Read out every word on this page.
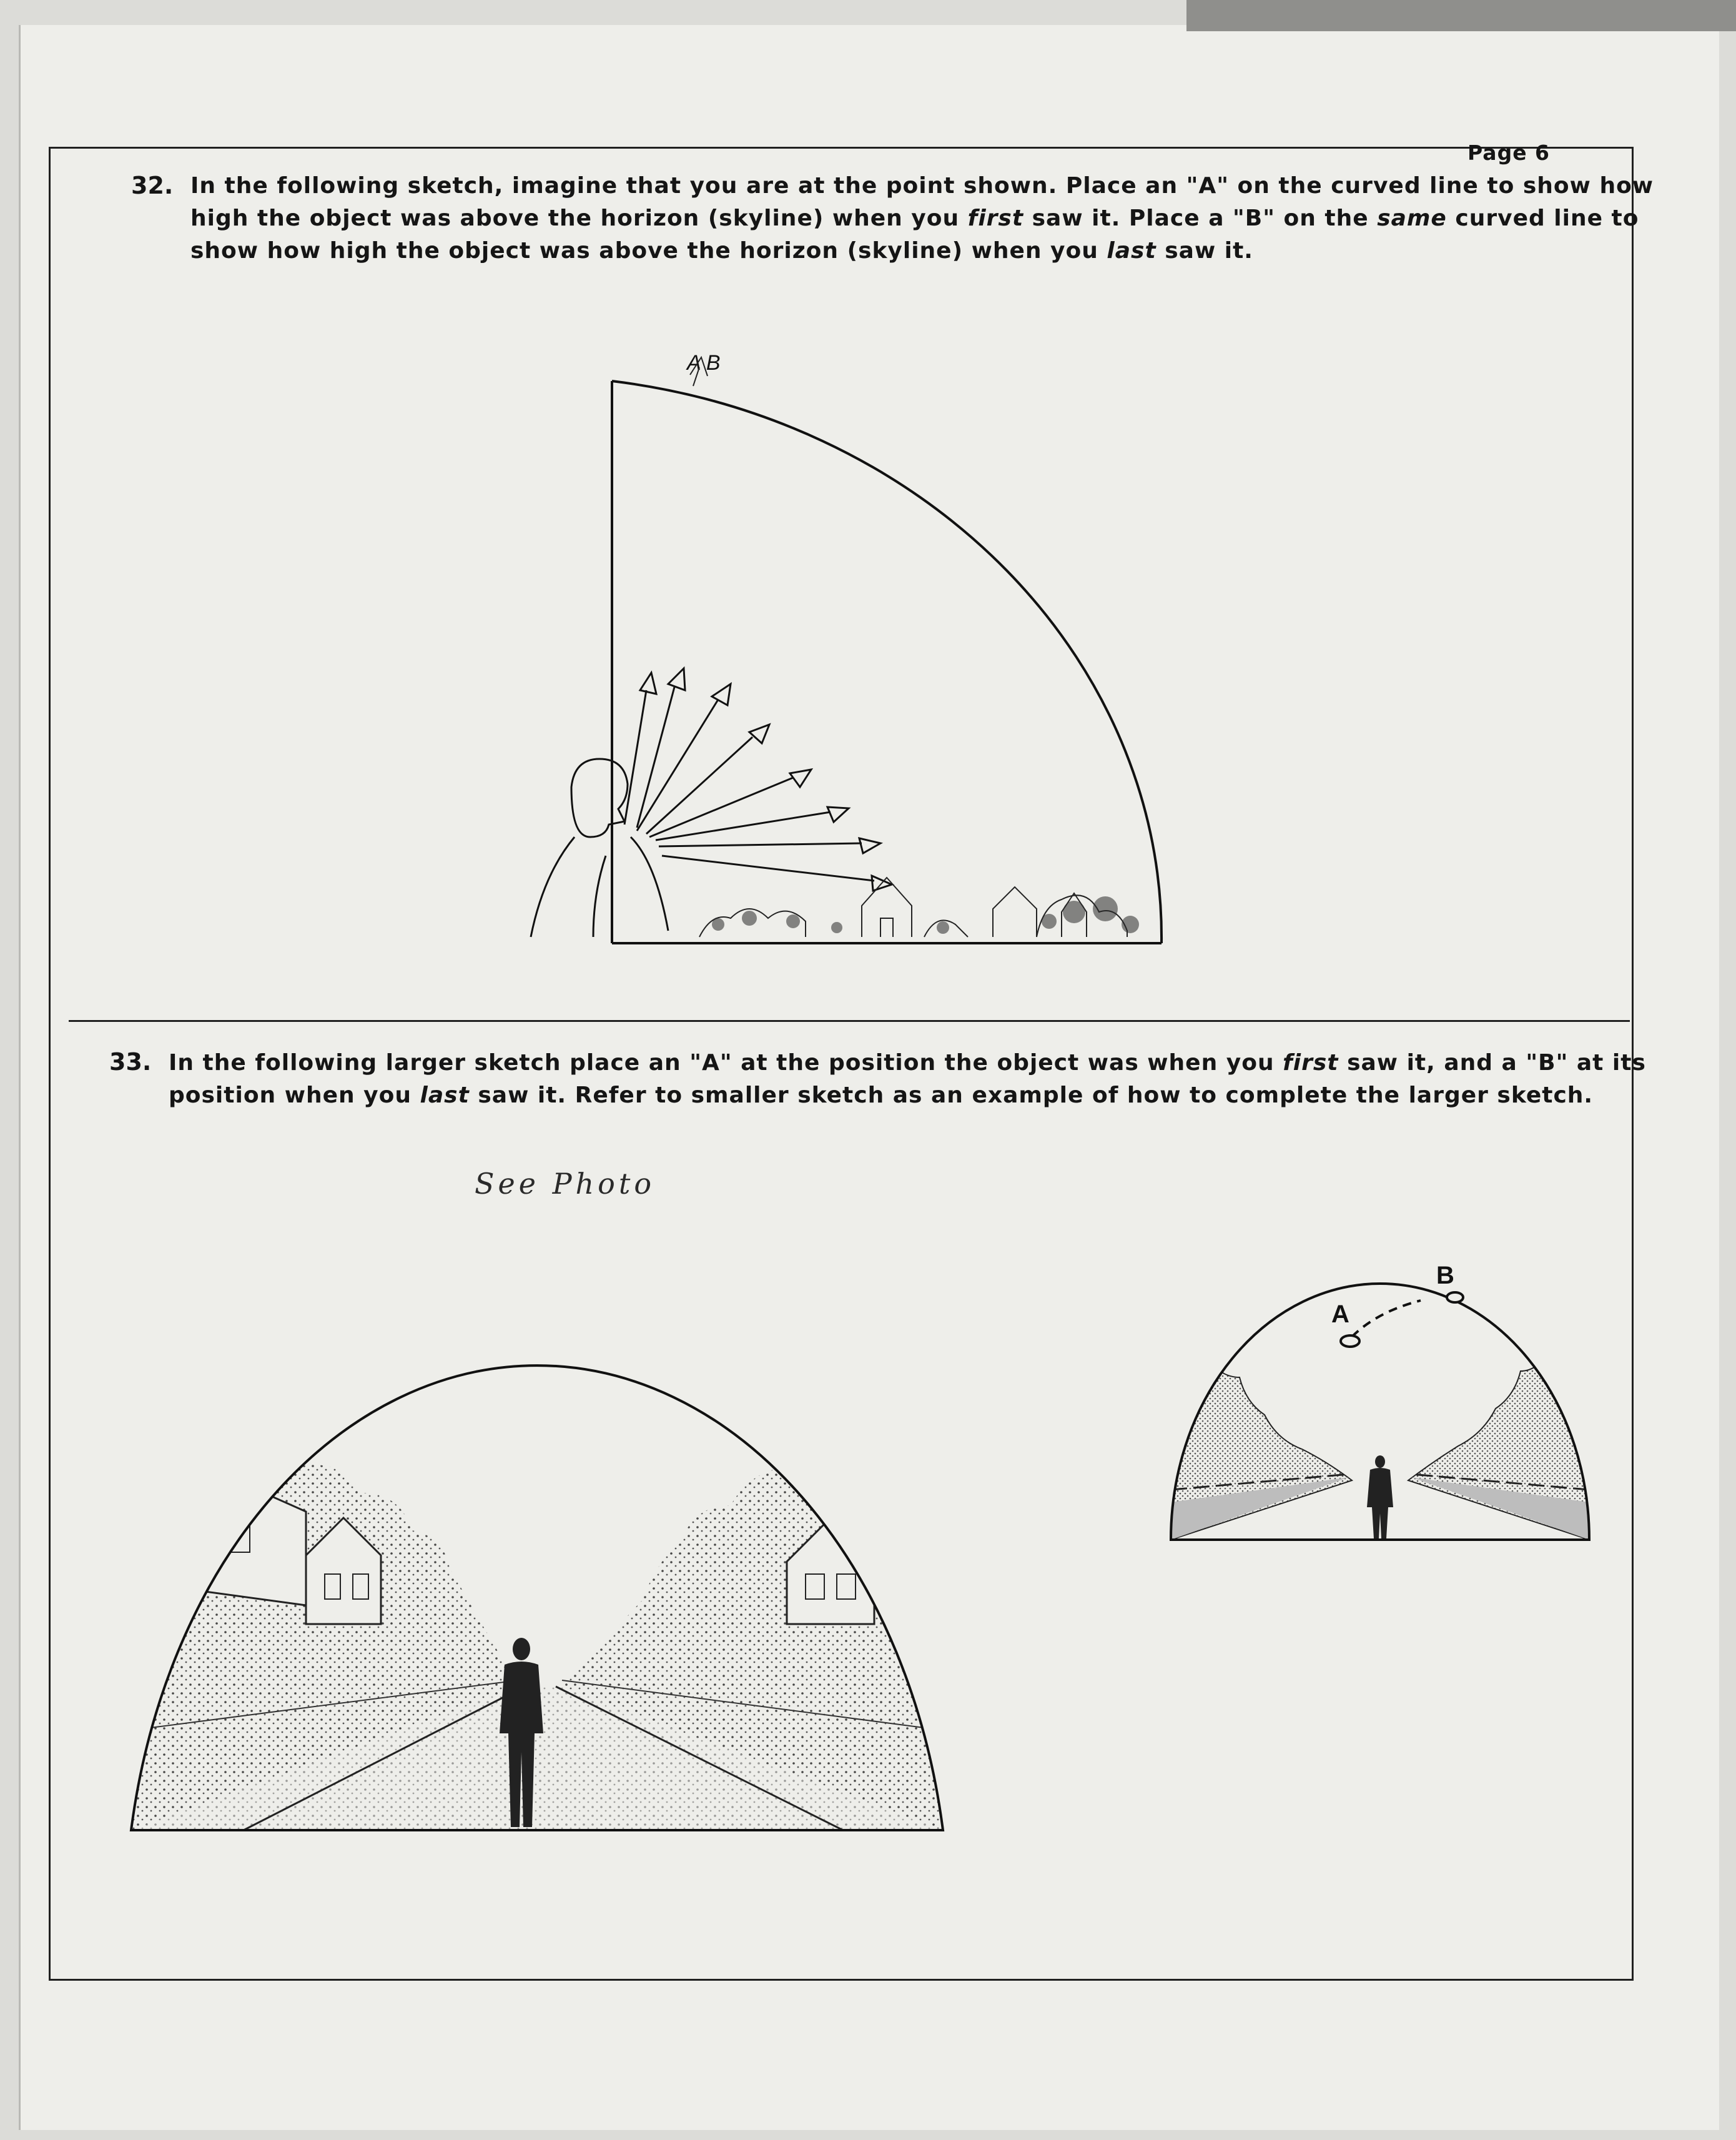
Page 6
32. In the following sketch, imagine that you are at the point shown. Place an "A" on the curved line to show how
high the object was above the horizon (skyline) when you first saw it. Place a "B" on the same curved line to
show how high the object was above the horizon (skyline) when you last saw it.

A B
33. In the following larger sketch place an "A" at the position the object was when you first saw it, and a "B" at its
position when you last saw it. Refer to smaller sketch as an example of how to complete the larger sketch.

See Photo
A
B
